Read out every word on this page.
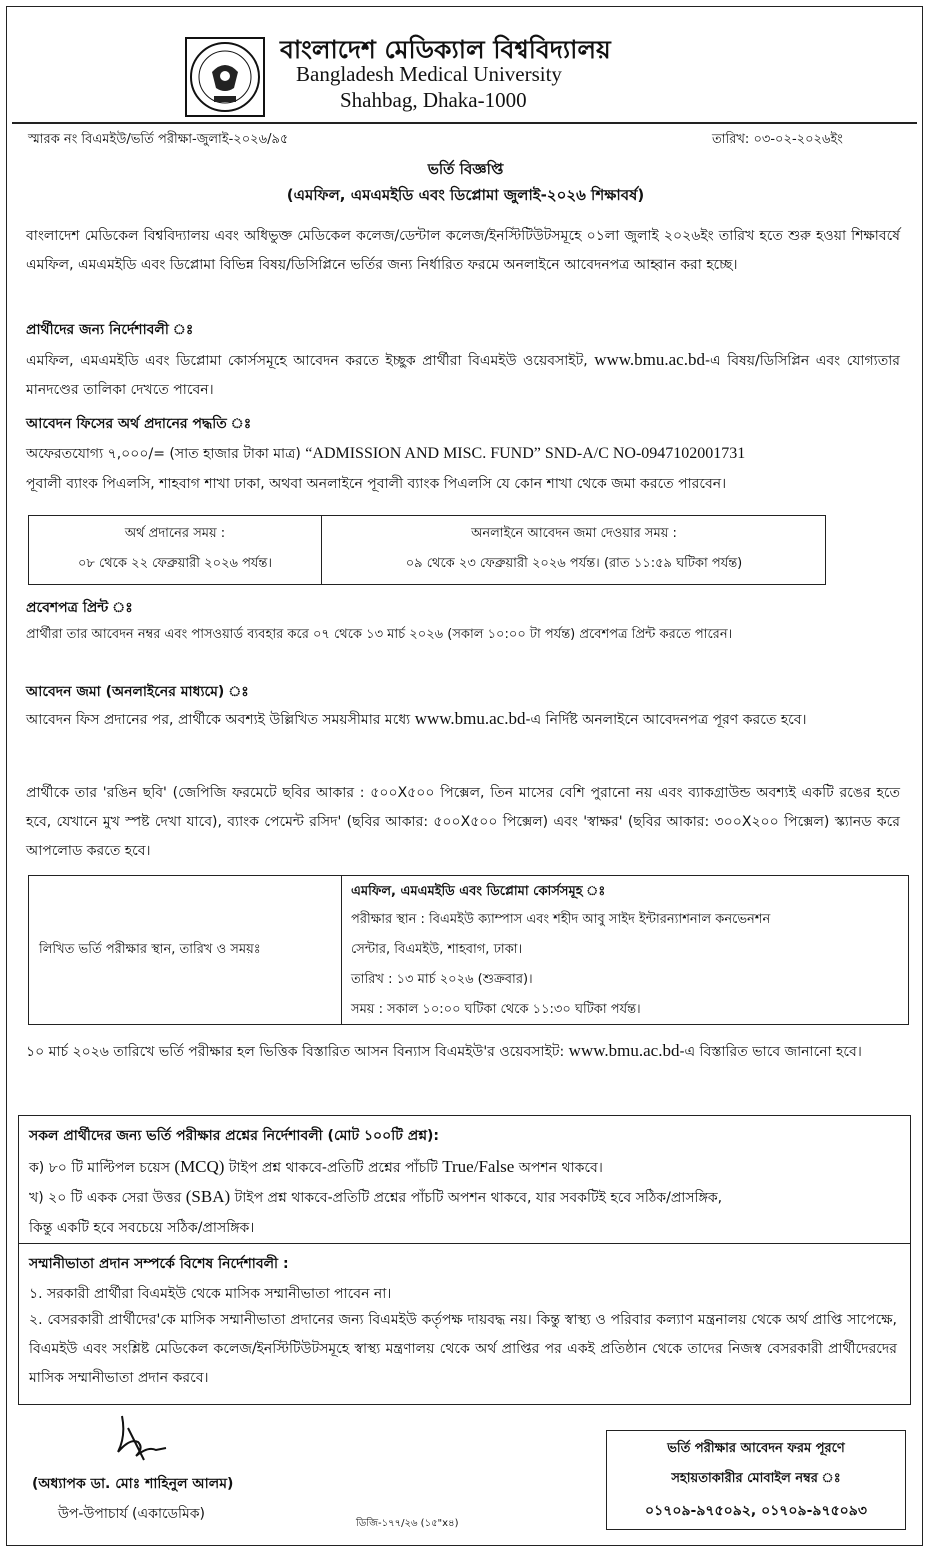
বাংলাদেশ মেডিক্যাল বিশ্ববিদ্যালয়
Bangladesh Medical University
Shahbag, Dhaka-1000
স্মারক নং বিএমইউ/ভর্তি পরীক্ষা-জুলাই-২০২৬/৯৫	তারিখ: ০৩-০২-২০২৬ইং
ভর্তি বিজ্ঞপ্তি
(এমফিল, এমএমইডি এবং ডিপ্লোমা জুলাই-২০২৬ শিক্ষাবর্ষ)
বাংলাদেশ মেডিকেল বিশ্ববিদ্যালয় এবং অধিভুক্ত মেডিকেল কলেজ/ডেন্টাল কলেজ/ইনস্টিটিউটসমূহে ০১লা জুলাই ২০২৬ইং তারিখ হতে শুরু হওয়া শিক্ষাবর্ষে এমফিল, এমএমইডি এবং ডিপ্লোমা বিভিন্ন বিষয়/ডিসিপ্লিনে ভর্তির জন্য নির্ধারিত ফরমে অনলাইনে আবেদনপত্র আহ্বান করা হচ্ছে।
প্রার্থীদের জন্য নির্দেশাবলী ঃ
এমফিল, এমএমইডি এবং ডিপ্লোমা কোর্সসমূহে আবেদন করতে ইচ্ছুক প্রার্থীরা বিএমইউ ওয়েবসাইট, www.bmu.ac.bd-এ বিষয়/ডিসিপ্লিন এবং যোগ্যতার মানদণ্ডের তালিকা দেখতে পাবেন।
আবেদন ফিসের অর্থ প্রদানের পদ্ধতি ঃ
অফেরতযোগ্য ৭,০০০/= (সাত হাজার টাকা মাত্র) “ADMISSION AND MISC. FUND” SND-A/C NO-0947102001731
পূবালী ব্যাংক পিএলসি, শাহবাগ শাখা ঢাকা, অথবা অনলাইনে পূবালী ব্যাংক পিএলসি যে কোন শাখা থেকে জমা করতে পারবেন।
অর্থ প্রদানের সময় :
০৮ থেকে ২২ ফেব্রুয়ারী ২০২৬ পর্যন্ত।
অনলাইনে আবেদন জমা দেওয়ার সময় :
০৯ থেকে ২৩ ফেব্রুয়ারী ২০২৬ পর্যন্ত। (রাত ১১:৫৯ ঘটিকা পর্যন্ত)
প্রবেশপত্র প্রিন্ট ঃ
প্রার্থীরা তার আবেদন নম্বর এবং পাসওয়ার্ড ব্যবহার করে ০৭ থেকে ১৩ মার্চ ২০২৬ (সকাল ১০:০০ টা পর্যন্ত) প্রবেশপত্র প্রিন্ট করতে পারেন।
আবেদন জমা (অনলাইনের মাধ্যমে) ঃ
আবেদন ফিস প্রদানের পর, প্রার্থীকে অবশ্যই উল্লিখিত সময়সীমার মধ্যে www.bmu.ac.bd-এ নির্দিষ্ট অনলাইনে আবেদনপত্র পূরণ করতে হবে।
প্রার্থীকে তার 'রঙিন ছবি' (জেপিজি ফরমেটে ছবির আকার : ৫০০X৫০০ পিক্সেল, তিন মাসের বেশি পুরানো নয় এবং ব্যাকগ্রাউন্ড অবশ্যই একটি রঙের হতে হবে, যেখানে মুখ স্পষ্ট দেখা যাবে), ব্যাংক পেমেন্ট রসিদ' (ছবির আকার: ৫০০X৫০০ পিক্সেল) এবং 'স্বাক্ষর' (ছবির আকার: ৩০০X২০০ পিক্সেল) স্ক্যানড করে আপলোড করতে হবে।
লিখিত ভর্তি পরীক্ষার স্থান, তারিখ ও সময়ঃ
এমফিল, এমএমইডি এবং ডিপ্লোমা কোর্সসমূহ ঃ
পরীক্ষার স্থান : বিএমইউ ক্যাম্পাস এবং শহীদ আবু সাইদ ইন্টারন্যাশনাল কনভেনশন
সেন্টার, বিএমইউ, শাহবাগ, ঢাকা।
তারিখ : ১৩ মার্চ ২০২৬ (শুক্রবার)।
সময় : সকাল ১০:০০ ঘটিকা থেকে ১১:৩০ ঘটিকা পর্যন্ত।
১০ মার্চ ২০২৬ তারিখে ভর্তি পরীক্ষার হল ভিত্তিক বিস্তারিত আসন বিন্যাস বিএমইউ'র ওয়েবসাইট: www.bmu.ac.bd-এ বিস্তারিত ভাবে জানানো হবে।
সকল প্রার্থীদের জন্য ভর্তি পরীক্ষার প্রশ্নের নির্দেশাবলী (মোট ১০০টি প্রশ্ন):
ক) ৮০ টি মাল্টিপল চয়েস (MCQ) টাইপ প্রশ্ন থাকবে-প্রতিটি প্রশ্নের পাঁচটি True/False অপশন থাকবে।
খ) ২০ টি একক সেরা উত্তর (SBA) টাইপ প্রশ্ন থাকবে-প্রতিটি প্রশ্নের পাঁচটি অপশন থাকবে, যার সবকটিই হবে সঠিক/প্রাসঙ্গিক,
কিন্তু একটি হবে সবচেয়ে সঠিক/প্রাসঙ্গিক।
সম্মানীভাতা প্রদান সম্পর্কে বিশেষ নির্দেশাবলী :
১. সরকারী প্রার্থীরা বিএমইউ থেকে মাসিক সম্মানীভাতা পাবেন না।
২. বেসরকারী প্রার্থীদের'কে মাসিক সম্মানীভাতা প্রদানের জন্য বিএমইউ কর্তৃপক্ষ দায়বদ্ধ নয়। কিন্তু স্বাস্থ্য ও পরিবার কল্যাণ মন্ত্রনালয় থেকে অর্থ প্রাপ্তি সাপেক্ষে, বিএমইউ এবং সংশ্লিষ্ট মেডিকেল কলেজ/ইনস্টিটিউটসমূহে স্বাস্থ্য মন্ত্রণালয় থেকে অর্থ প্রাপ্তির পর একই প্রতিষ্ঠান থেকে তাদের নিজস্ব বেসরকারী প্রার্থীদেরদের মাসিক সম্মানীভাতা প্রদান করবে।
(অধ্যাপক ডা. মোঃ শাহিনুল আলম)
উপ-উপাচার্য (একাডেমিক)
ভর্তি পরীক্ষার আবেদন ফরম পূরণে
সহায়তাকারীর মোবাইল নম্বর ঃ
০১৭০৯-৯৭৫০৯২, ০১৭০৯-৯৭৫০৯৩
ডিজি-১৭৭/২৬ (১৫"x৪)
